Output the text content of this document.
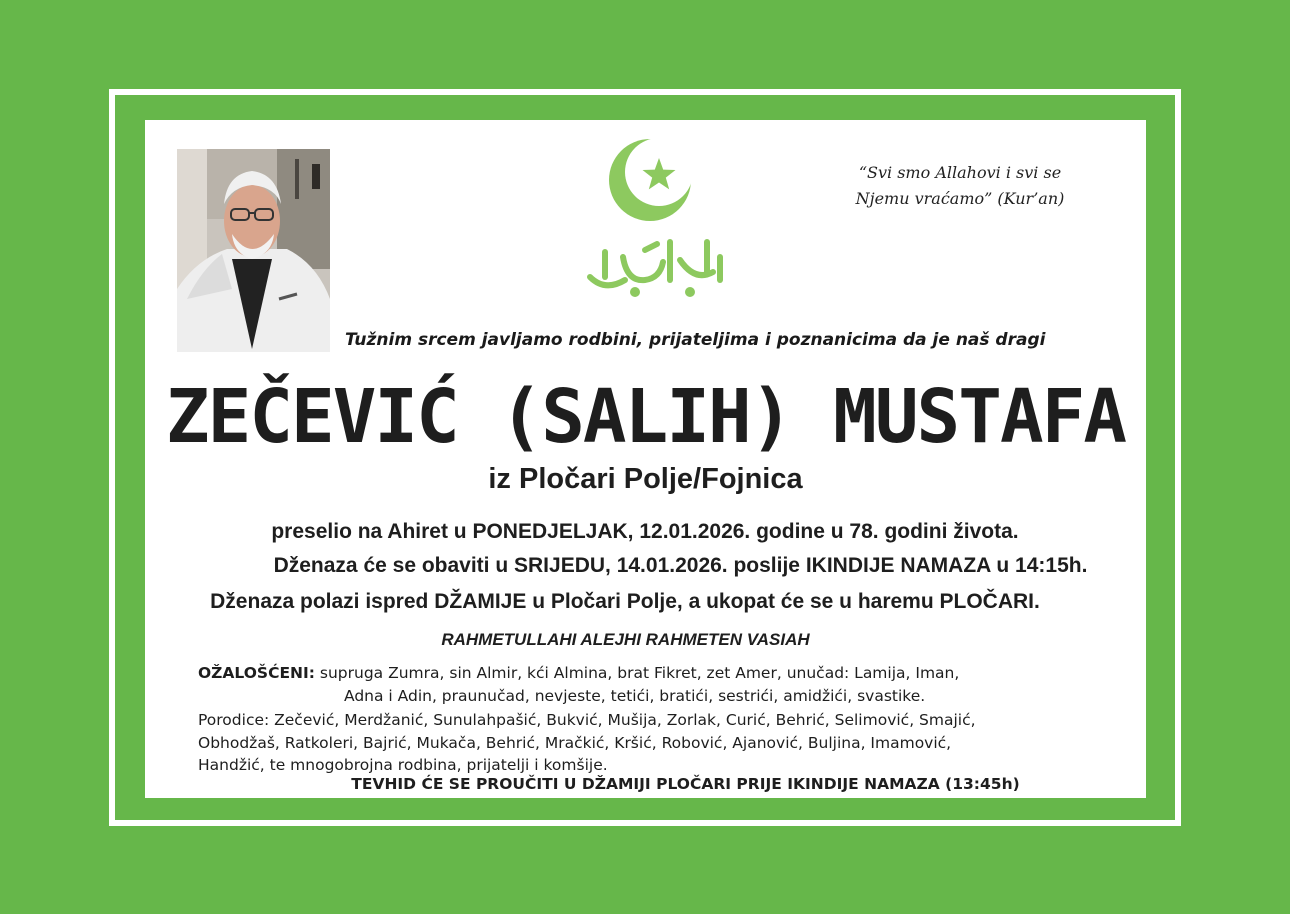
“Svi smo Allahovi i svi se
Njemu vraćamo” (Kur’an)
Tužnim srcem javljamo rodbini, prijateljima i poznanicima da je naš dragi
ZEČEVIĆ (SALIH) MUSTAFA
iz Pločari Polje/Fojnica
preselio na Ahiret u PONEDJELJAK, 12.01.2026. godine u 78. godini života.
Dženaza će se obaviti u SRIJEDU, 14.01.2026. poslije IKINDIJE NAMAZA u 14:15h.
Dženaza polazi ispred DŽAMIJE u Pločari Polje, a ukopat će se u haremu PLOČARI.
RAHMETULLAHI ALEJHI RAHMETEN VASIAH
OŽALOŠĆENI: supruga Zumra, sin Almir, kći Almina, brat Fikret, zet Amer, unučad: Lamija, Iman,
Adna i Adin, praunučad, nevjeste, tetići, bratići, sestrići, amidžići, svastike.
Porodice: Zečević, Merdžanić, Sunulahpašić, Bukvić, Mušija, Zorlak, Curić, Behrić, Selimović, Smajić,
Obhodžaš, Ratkoleri, Bajrić, Mukača, Behrić, Mračkić, Kršić, Robović, Ajanović, Buljina, Imamović,
Handžić, te mnogobrojna rodbina, prijatelji i komšije.
TEVHID ĆE SE PROUČITI U DŽAMIJI PLOČARI PRIJE IKINDIJE NAMAZA (13:45h)
